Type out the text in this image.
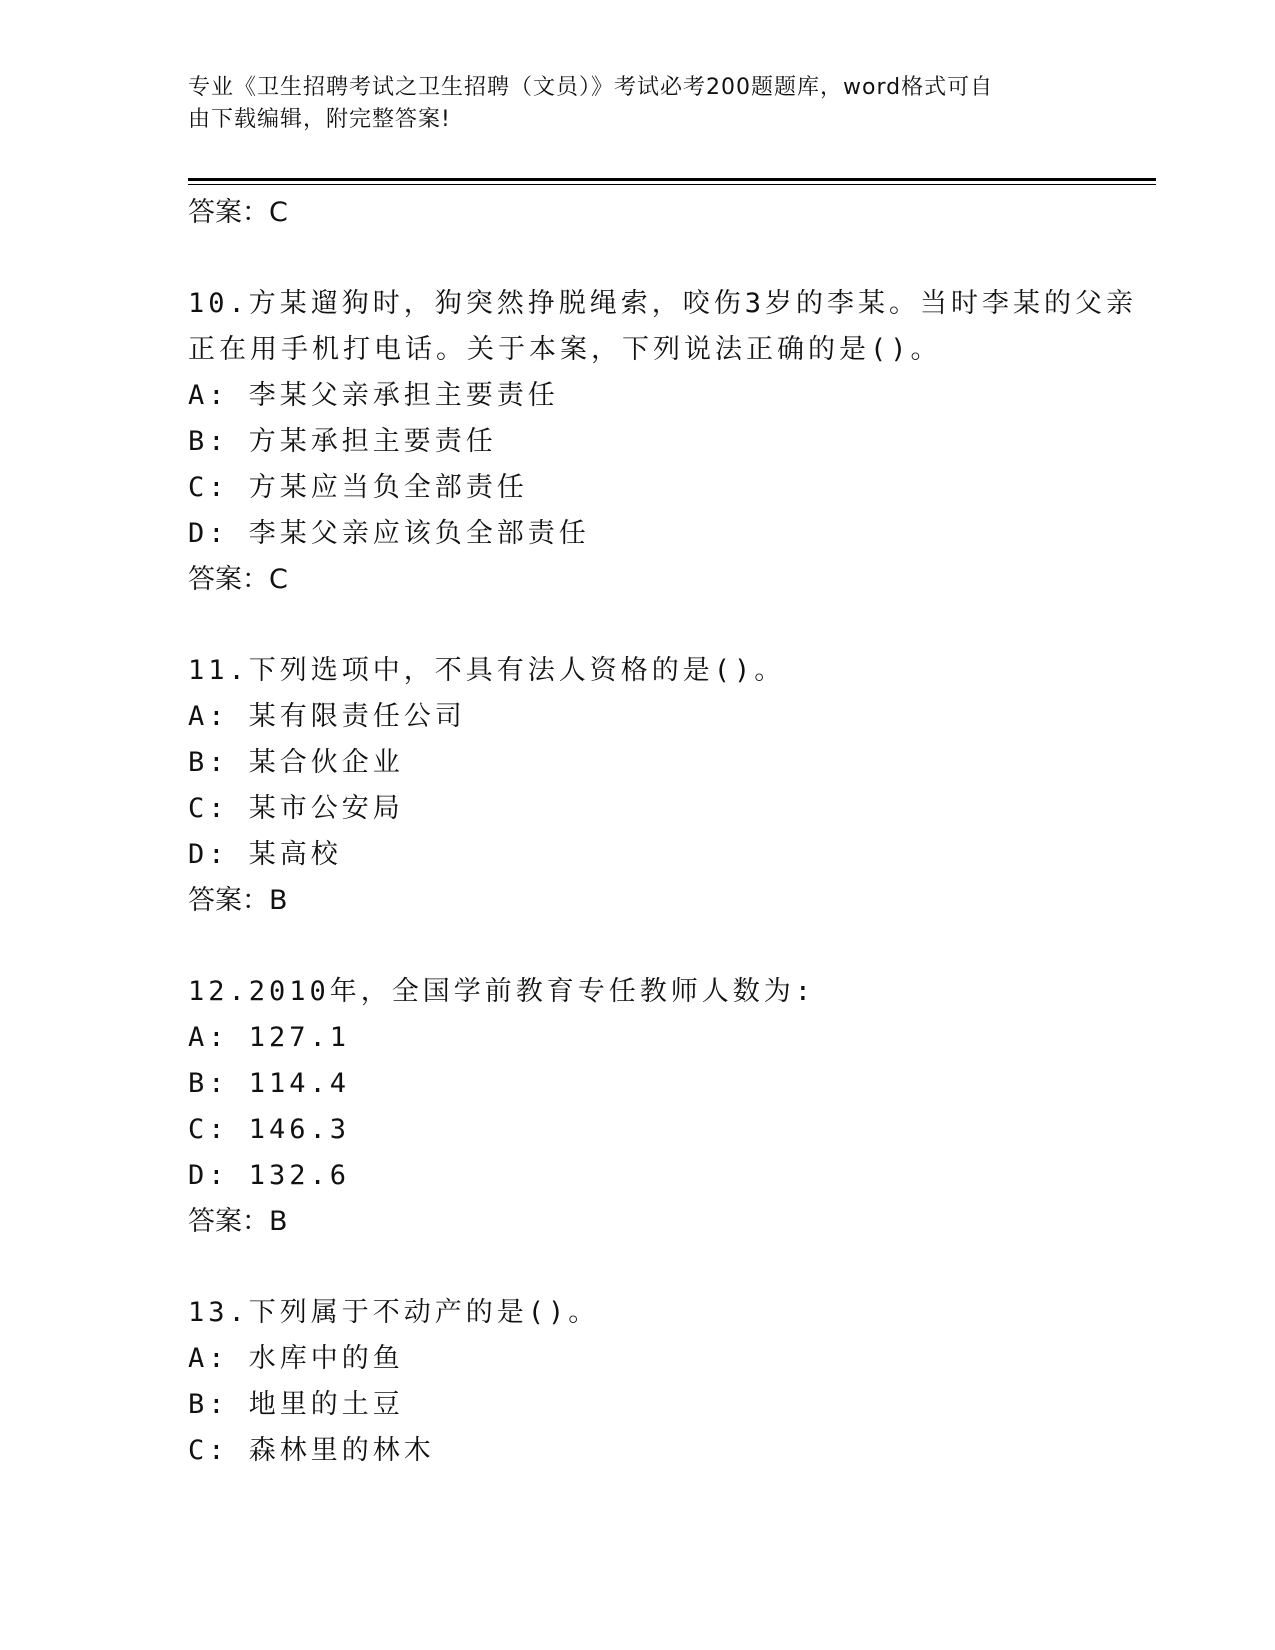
专业《卫生招聘考试之卫生招聘（文员）》考试必考200题题库，word格式可自
由下载编辑，附完整答案!
答案：C
10.方某遛狗时，狗突然挣脱绳索，咬伤3岁的李某。当时李某的父亲
正在用手机打电话。关于本案，下列说法正确的是()。
A: 李某父亲承担主要责任
B: 方某承担主要责任
C: 方某应当负全部责任
D: 李某父亲应该负全部责任
答案：C
11.下列选项中，不具有法人资格的是()。
A: 某有限责任公司
B: 某合伙企业
C: 某市公安局
D: 某高校
答案：B
12.2010年，全国学前教育专任教师人数为:
A: 127.1
B: 114.4
C: 146.3
D: 132.6
答案：B
13.下列属于不动产的是()。
A: 水库中的鱼
B: 地里的土豆
C: 森林里的林木
